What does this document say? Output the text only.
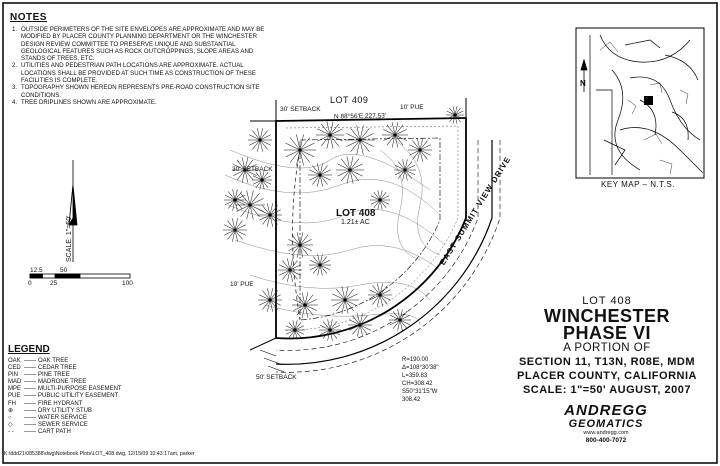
NOTES
1. OUTSIDE PERIMETERS OF THE SITE ENVELOPES ARE APPROXIMATE AND MAY BE MODIFIED BY PLACER COUNTY PLANNING DEPARTMENT OR THE WINCHESTER DESIGN REVIEW COMMITTEE TO PRESERVE UNIQUE AND SUBSTANTIAL GEOLOGICAL FEATURES SUCH AS ROCK OUTCROPPINGS, SLOPE AREAS AND STANDS OF TREES, ETC.
2. UTILITIES AND PEDESTRIAN PATH LOCATIONS ARE APPROXIMATE. ACTUAL LOCATIONS SHALL BE PROVIDED AT SUCH TIME AS CONSTRUCTION OF THESE FACILITIES IS COMPLETE.
3. TOPOGRAPHY SHOWN HEREON REPRESENTS PRE-ROAD CONSTRUCTION SITE CONDITIONS.
4. TREE DRIPLINES SHOWN ARE APPROXIMATE.
SCALE: 1"=50'
12.5	50
0	25	100
LEGEND
OAK —— OAK TREE
CED —— CEDAR TREE
PIN —— PINE TREE
MAD —— MADRONE TREE
MPE —— MULTI-PURPOSE EASEMENT
PUE —— PUBLIC UTILITY EASEMENT
FH —— FIRE HYDRANT
⊕ —— DRY UTILITY STUB
○ —— WATER SERVICE
◇ —— SEWER SERVICE
- - —— CART PATH
K:\ddd21\085388\dwg\Notebook Plots\LOT_408.dwg, 12/15/09 10:43:17am, parker
LOT 409
LOT 408
1.21± AC
30' SETBACK	10' PUE
N 88°56'E 227.53'
30' SETBACK
10' PUE
50' SETBACK
EAST SUMMIT VIEW DRIVE
R=190.00
Δ=108°30'38"
L=359.83
CH=308.42
S50°31'15"W
308.42
N
KEY MAP – N.T.S.
LOT 408
WINCHESTER
PHASE VI
A PORTION OF
SECTION 11, T13N, R08E, MDM
PLACER COUNTY, CALIFORNIA
SCALE: 1"=50' AUGUST, 2007
ANDREGG
GEOMATICS
www.andregg.com
800-400-7072
